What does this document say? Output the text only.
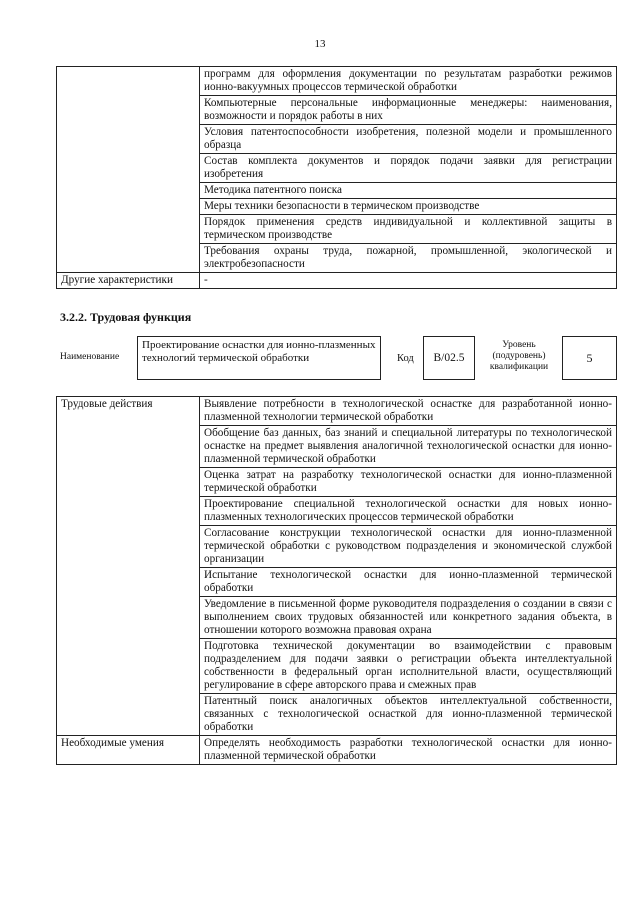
13
	программ для оформления документации по результатам разработки режимов ионно-вакуумных процессов термической обработки
	Компьютерные персональные информационные менеджеры: наименования, возможности и порядок работы в них
	Условия патентоспособности изобретения, полезной модели и промышленного образца
	Состав комплекта документов и порядок подачи заявки для регистрации изобретения
	Методика патентного поиска
	Меры техники безопасности в термическом производстве
	Порядок применения средств индивидуальной и коллективной защиты в термическом производстве
	Требования охраны труда, пожарной, промышленной, экологической и электробезопасности
Другие характеристики	-
3.2.2. Трудовая функция
Наименование
Проектирование оснастки для ионно-плазменных технологий термической обработки	Код	B/02.5
Уровень (подуровень) квалификации
5
Трудовые действия	Выявление потребности в технологической оснастке для разработанной ионно-плазменной технологии термической обработки
	Обобщение баз данных, баз знаний и специальной литературы по технологической оснастке на предмет выявления аналогичной технологической оснастки для ионно-плазменной термической обработки
	Оценка затрат на разработку технологической оснастки для ионно-плазменной термической обработки
	Проектирование специальной технологической оснастки для новых ионно-плазменных технологических процессов термической обработки
	Согласование конструкции технологической оснастки для ионно-плазменной термической обработки с руководством подразделения и экономической службой организации
	Испытание технологической оснастки для ионно-плазменной термической обработки
	Уведомление в письменной форме руководителя подразделения о создании в связи с выполнением своих трудовых обязанностей или конкретного задания объекта, в отношении которого возможна правовая охрана
	Подготовка технической документации во взаимодействии с правовым подразделением для подачи заявки о регистрации объекта интеллектуальной собственности в федеральный орган исполнительной власти, осуществляющий регулирование в сфере авторского права и смежных прав
	Патентный поиск аналогичных объектов интеллектуальной собственности, связанных с технологической оснасткой для ионно-плазменной термической обработки
Необходимые умения	Определять необходимость разработки технологической оснастки для ионно-плазменной термической обработки
